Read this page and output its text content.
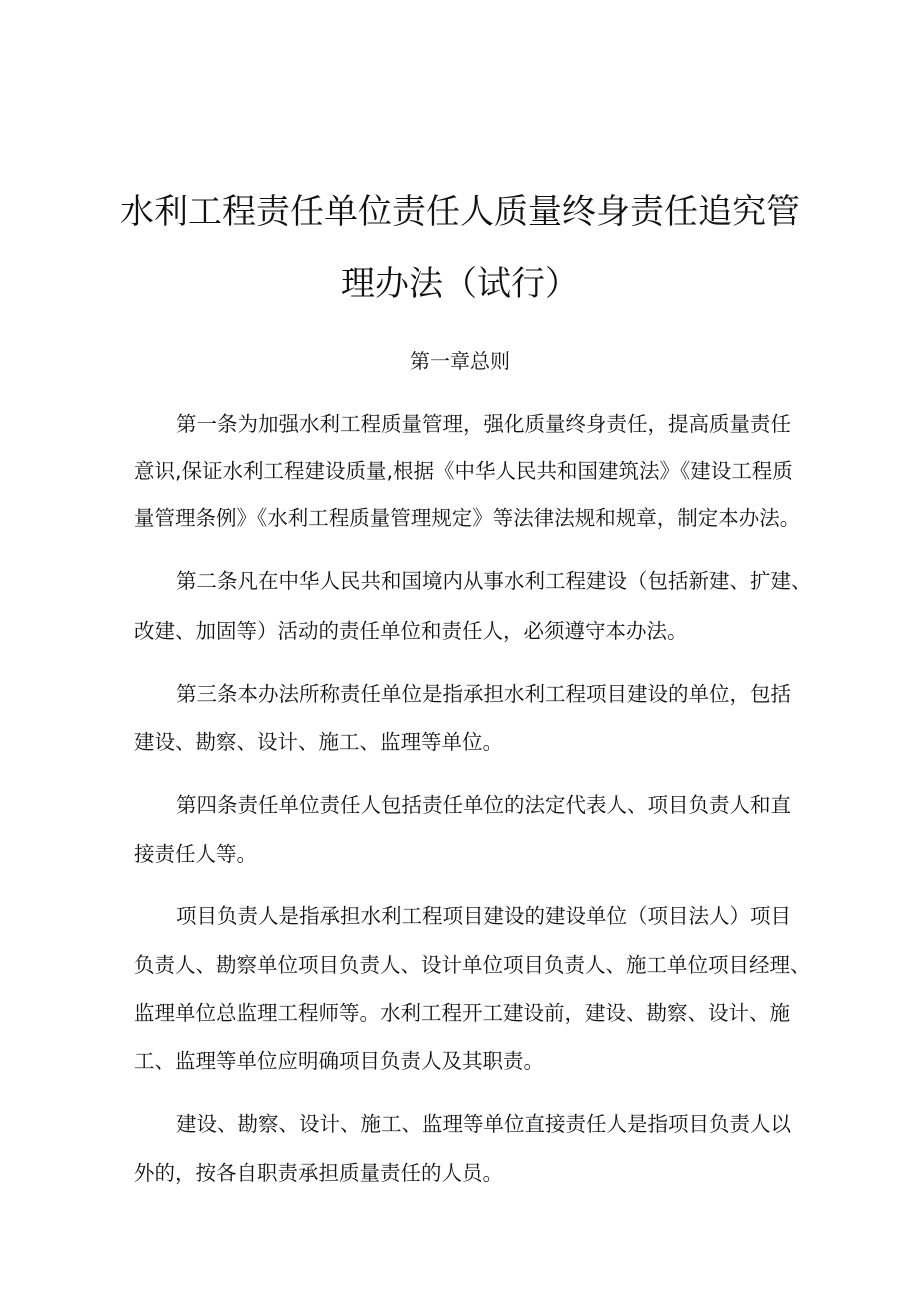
水利工程责任单位责任人质量终身责任追究管
理办法（试行）
第一章总则
第一条为加强水利工程质量管理，强化质量终身责任，提高质量责任
意识,保证水利工程建设质量,根据《中华人民共和国建筑法》《建设工程质
量管理条例》《水利工程质量管理规定》等法律法规和规章，制定本办法。
第二条凡在中华人民共和国境内从事水利工程建设（包括新建、扩建、
改建、加固等）活动的责任单位和责任人，必须遵守本办法。
第三条本办法所称责任单位是指承担水利工程项目建设的单位，包括
建设、勘察、设计、施工、监理等单位。
第四条责任单位责任人包括责任单位的法定代表人、项目负责人和直
接责任人等。
项目负责人是指承担水利工程项目建设的建设单位（项目法人）项目
负责人、勘察单位项目负责人、设计单位项目负责人、施工单位项目经理、
监理单位总监理工程师等。水利工程开工建设前，建设、勘察、设计、施
工、监理等单位应明确项目负责人及其职责。
建设、勘察、设计、施工、监理等单位直接责任人是指项目负责人以
外的，按各自职责承担质量责任的人员。
